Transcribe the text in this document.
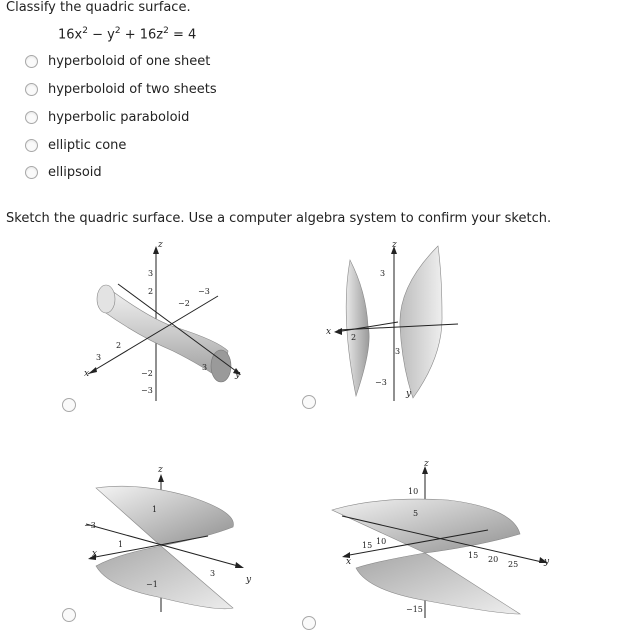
Classify the quadric surface.
$16x^2 - y^2 + 16z^2 = 4$
hyperboloid of one sheet
hyperboloid of two sheets
hyperbolic paraboloid
elliptic cone
ellipsoid
Sketch the quadric surface. Use a computer algebra system to confirm your sketch.
z
x	y
3
2
−2
−3
−3
−2
3
2
3
z
x
y
3
−3
2
3
z
x
y
1
−1
−3
1
3
z
x	y
10
5
−15
15 10
15 20
25
